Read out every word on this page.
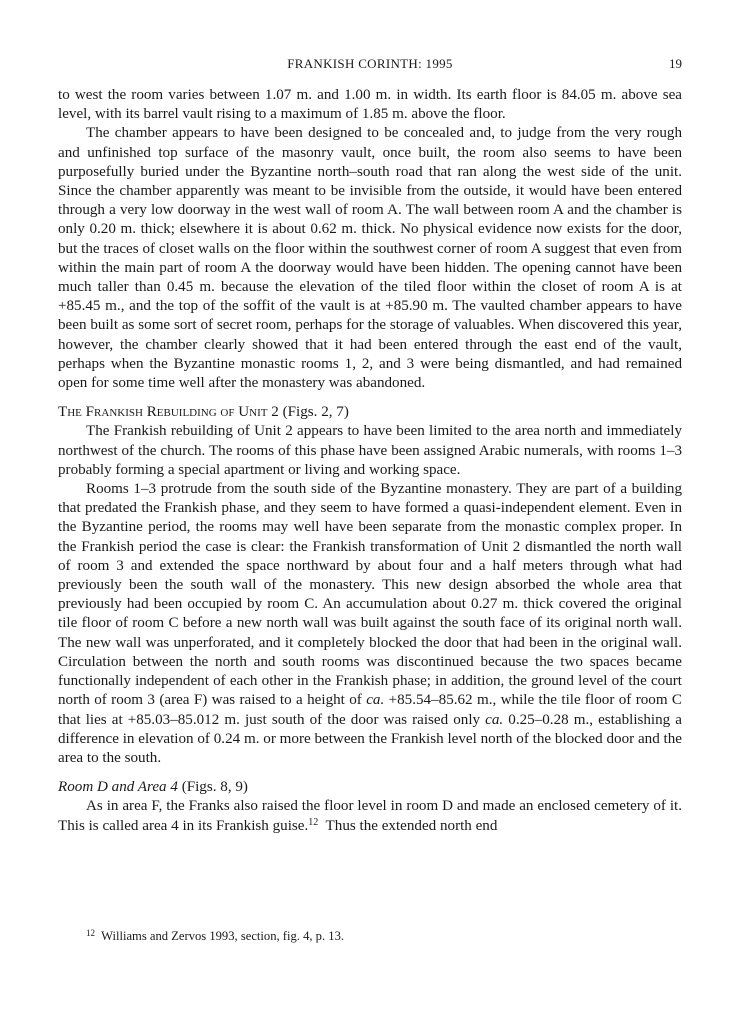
FRANKISH CORINTH: 1995	19

to west the room varies between 1.07 m. and 1.00 m. in width. Its earth floor is 84.05 m. above sea level, with its barrel vault rising to a maximum of 1.85 m. above the floor.

The chamber appears to have been designed to be concealed and, to judge from the very rough and unfinished top surface of the masonry vault, once built, the room also seems to have been purposefully buried under the Byzantine north–south road that ran along the west side of the unit. Since the chamber apparently was meant to be invisible from the outside, it would have been entered through a very low doorway in the west wall of room A. The wall between room A and the chamber is only 0.20 m. thick; elsewhere it is about 0.62 m. thick. No physical evidence now exists for the door, but the traces of closet walls on the floor within the southwest corner of room A suggest that even from within the main part of room A the doorway would have been hidden. The opening cannot have been much taller than 0.45 m. because the elevation of the tiled floor within the closet of room A is at +85.45 m., and the top of the soffit of the vault is at +85.90 m. The vaulted chamber appears to have been built as some sort of secret room, perhaps for the storage of valuables. When discovered this year, however, the chamber clearly showed that it had been entered through the east end of the vault, perhaps when the Byzantine monastic rooms 1, 2, and 3 were being dismantled, and had remained open for some time well after the monastery was abandoned.

The Frankish Rebuilding of Unit 2 (Figs. 2, 7)

The Frankish rebuilding of Unit 2 appears to have been limited to the area north and immediately northwest of the church. The rooms of this phase have been assigned Arabic numerals, with rooms 1–3 probably forming a special apartment or living and working space.

Rooms 1–3 protrude from the south side of the Byzantine monastery. They are part of a building that predated the Frankish phase, and they seem to have formed a quasi-independent element. Even in the Byzantine period, the rooms may well have been separate from the monastic complex proper. In the Frankish period the case is clear: the Frankish transformation of Unit 2 dismantled the north wall of room 3 and extended the space northward by about four and a half meters through what had previously been the south wall of the monastery. This new design absorbed the whole area that previously had been occupied by room C. An accumulation about 0.27 m. thick covered the original tile floor of room C before a new north wall was built against the south face of its original north wall. The new wall was unperforated, and it completely blocked the door that had been in the original wall. Circulation between the north and south rooms was discontinued because the two spaces became functionally independent of each other in the Frankish phase; in addition, the ground level of the court north of room 3 (area F) was raised to a height of ca. +85.54–85.62 m., while the tile floor of room C that lies at +85.03–85.012 m. just south of the door was raised only ca. 0.25–0.28 m., establishing a difference in elevation of 0.24 m. or more between the Frankish level north of the blocked door and the area to the south.

Room D and Area 4 (Figs. 8, 9)

As in area F, the Franks also raised the floor level in room D and made an enclosed cemetery of it. This is called area 4 in its Frankish guise.$^{12}$ Thus the extended north end

$^{12}$ Williams and Zervos 1993, section, fig. 4, p. 13.
